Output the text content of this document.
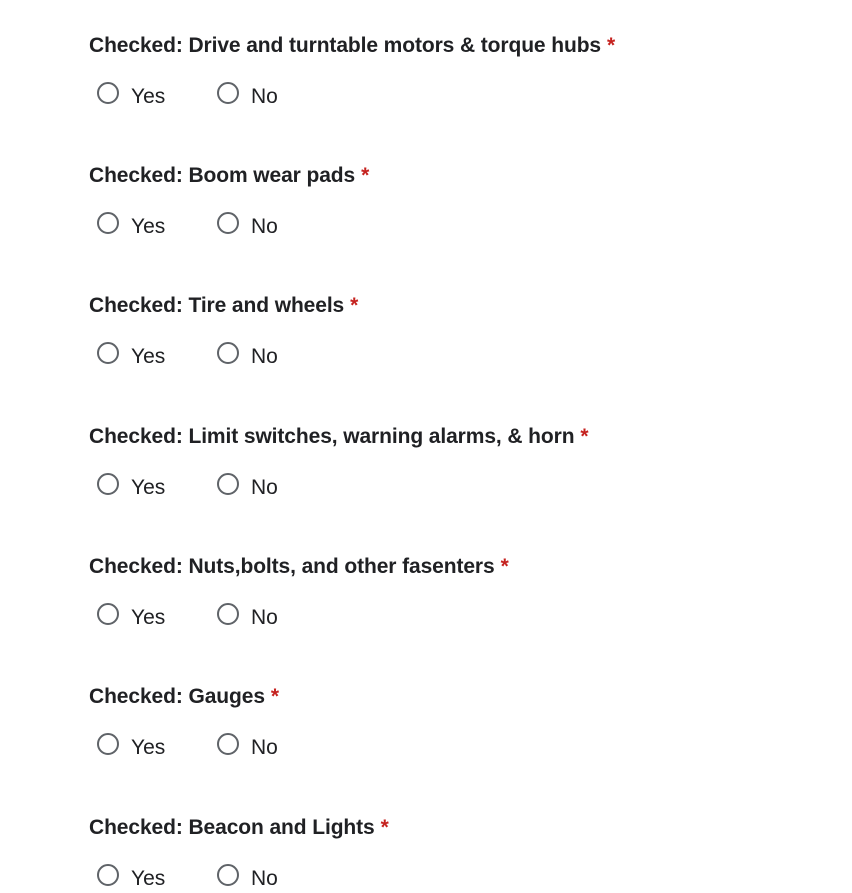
Checked: Drive and turntable motors & torque hubs *
Yes	No
Checked: Boom wear pads *
Yes	No
Checked: Tire and wheels *
Yes	No
Checked: Limit switches, warning alarms, & horn *
Yes	No
Checked: Nuts,bolts, and other fasenters *
Yes	No
Checked: Gauges *
Yes	No
Checked: Beacon and Lights *
Yes	No
